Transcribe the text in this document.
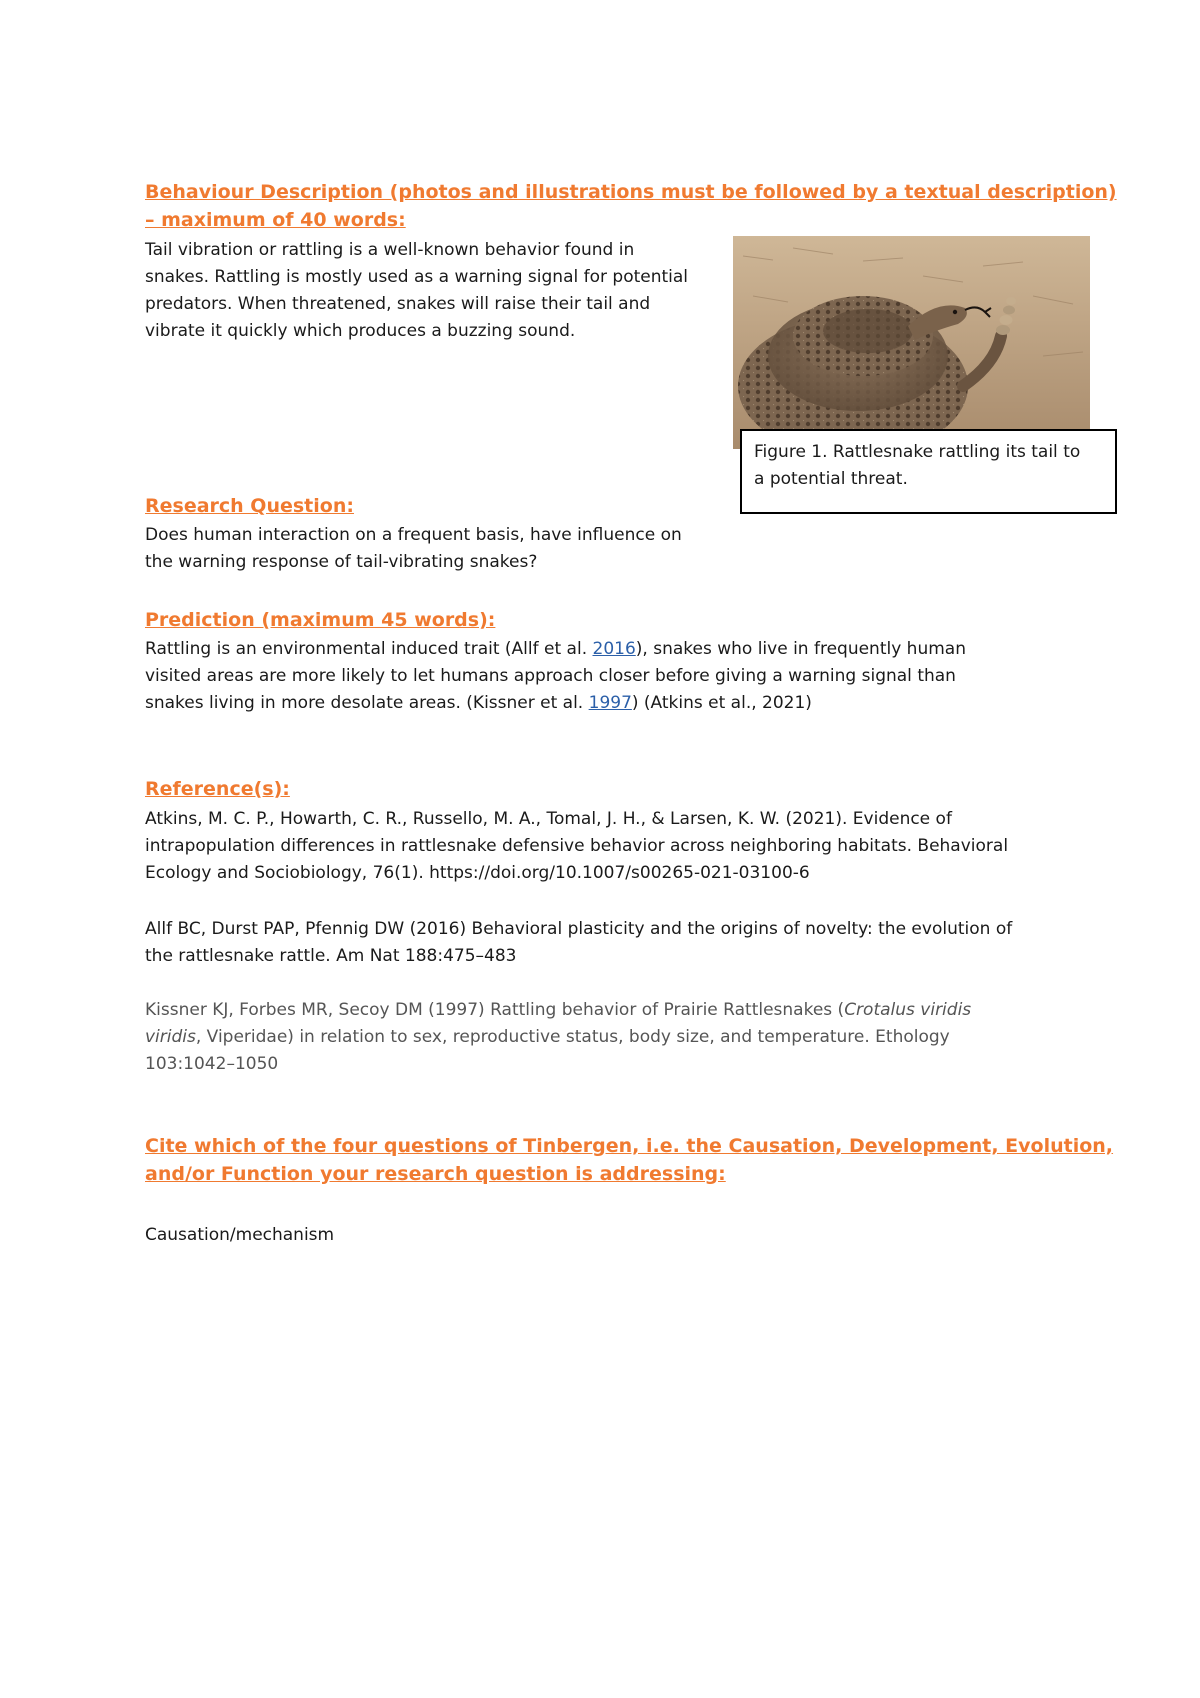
Behaviour Description (photos and illustrations must be followed by a textual description)

– maximum of 40 words:

Tail vibration or rattling is a well-known behavior found in

snakes. Rattling is mostly used as a warning signal for potential

predators. When threatened, snakes will raise their tail and

vibrate it quickly which produces a buzzing sound.

Figure 1. Rattlesnake rattling its tail to
a potential threat.

Research Question:

Does human interaction on a frequent basis, have influence on

the warning response of tail-vibrating snakes?

Prediction (maximum 45 words):

Rattling is an environmental induced trait (Allf et al. 2016), snakes who live in frequently human

visited areas are more likely to let humans approach closer before giving a warning signal than

snakes living in more desolate areas. (Kissner et al. 1997) (Atkins et al., 2021)

Reference(s):

Atkins, M. C. P., Howarth, C. R., Russello, M. A., Tomal, J. H., & Larsen, K. W. (2021). Evidence of

intrapopulation differences in rattlesnake defensive behavior across neighboring habitats. Behavioral

Ecology and Sociobiology, 76(1). https://doi.org/10.1007/s00265-021-03100-6

Allf BC, Durst PAP, Pfennig DW (2016) Behavioral plasticity and the origins of novelty: the evolution of

the rattlesnake rattle. Am Nat 188:475–483

Kissner KJ, Forbes MR, Secoy DM (1997) Rattling behavior of Prairie Rattlesnakes (Crotalus viridis

viridis, Viperidae) in relation to sex, reproductive status, body size, and temperature. Ethology

103:1042–1050

Cite which of the four questions of Tinbergen, i.e. the Causation, Development, Evolution,

and/or Function your research question is addressing:

Causation/mechanism
